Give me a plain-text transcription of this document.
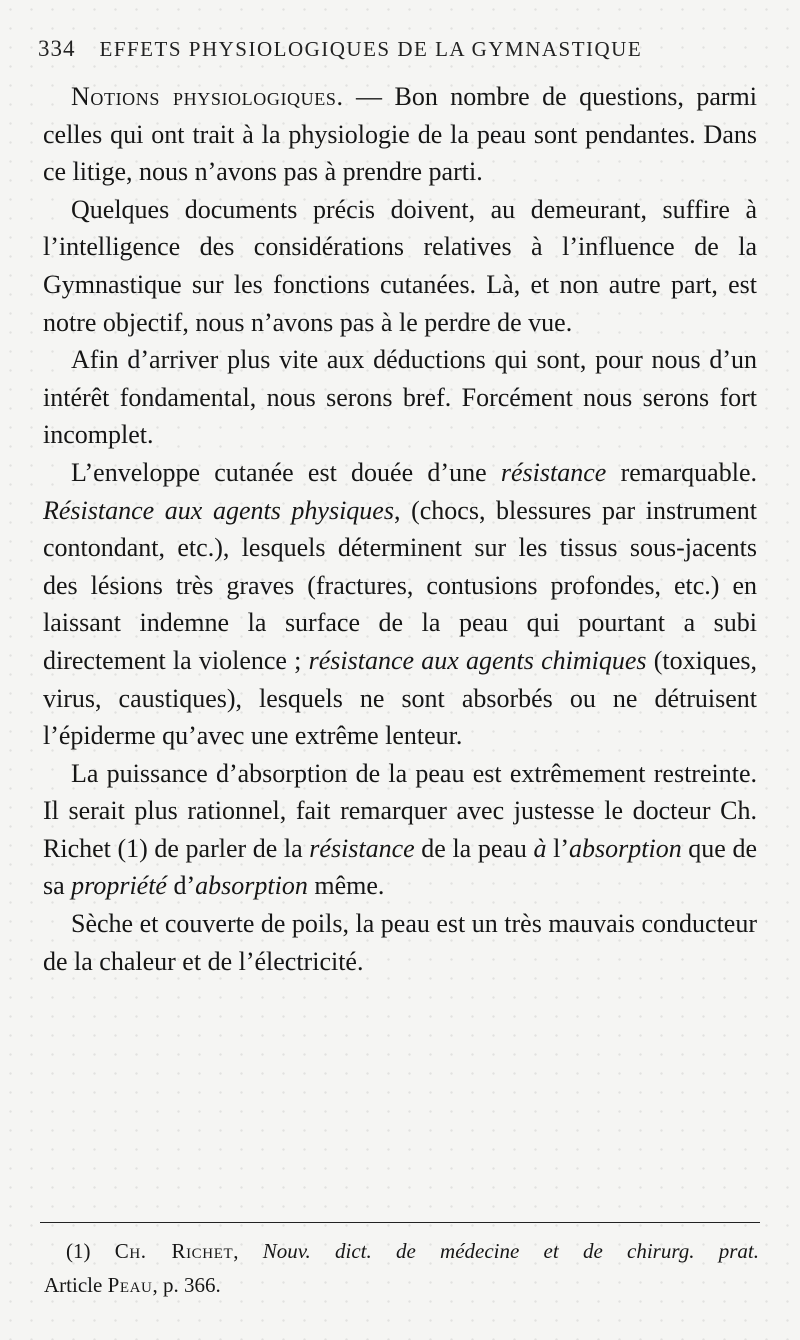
334 EFFETS PHYSIOLOGIQUES DE LA GYMNASTIQUE

Notions physiologiques. — Bon nombre de questions, parmi celles qui ont trait à la physiologie de la peau sont pendantes. Dans ce litige, nous n’avons pas à prendre parti.

Quelques documents précis doivent, au demeurant, suffire à l’intelligence des considérations relatives à l’influence de la Gymnastique sur les fonctions cutanées. Là, et non autre part, est notre objectif, nous n’avons pas à le perdre de vue.

Afin d’arriver plus vite aux déductions qui sont, pour nous d’un intérêt fondamental, nous serons bref. Forcément nous serons fort incomplet.

L’enveloppe cutanée est douée d’une résistance remarquable. Résistance aux agents physiques, (chocs, blessures par instrument contondant, etc.), lesquels déterminent sur les tissus sous-jacents des lésions très graves (fractures, contusions profondes, etc.) en laissant indemne la surface de la peau qui pourtant a subi directement la violence ; résistance aux agents chimiques (toxiques, virus, caustiques), lesquels ne sont absorbés ou ne détruisent l’épiderme qu’avec une extrême lenteur.

La puissance d’absorption de la peau est extrêmement restreinte. Il serait plus rationnel, fait remarquer avec justesse le docteur Ch. Richet (1) de parler de la résistance de la peau à l’absorption que de sa propriété d’absorption même.

Sèche et couverte de poils, la peau est un très mauvais conducteur de la chaleur et de l’électricité.

(1) Ch. Richet, Nouv. dict. de médecine et de chirurg. prat.

Article Peau, p. 366.
